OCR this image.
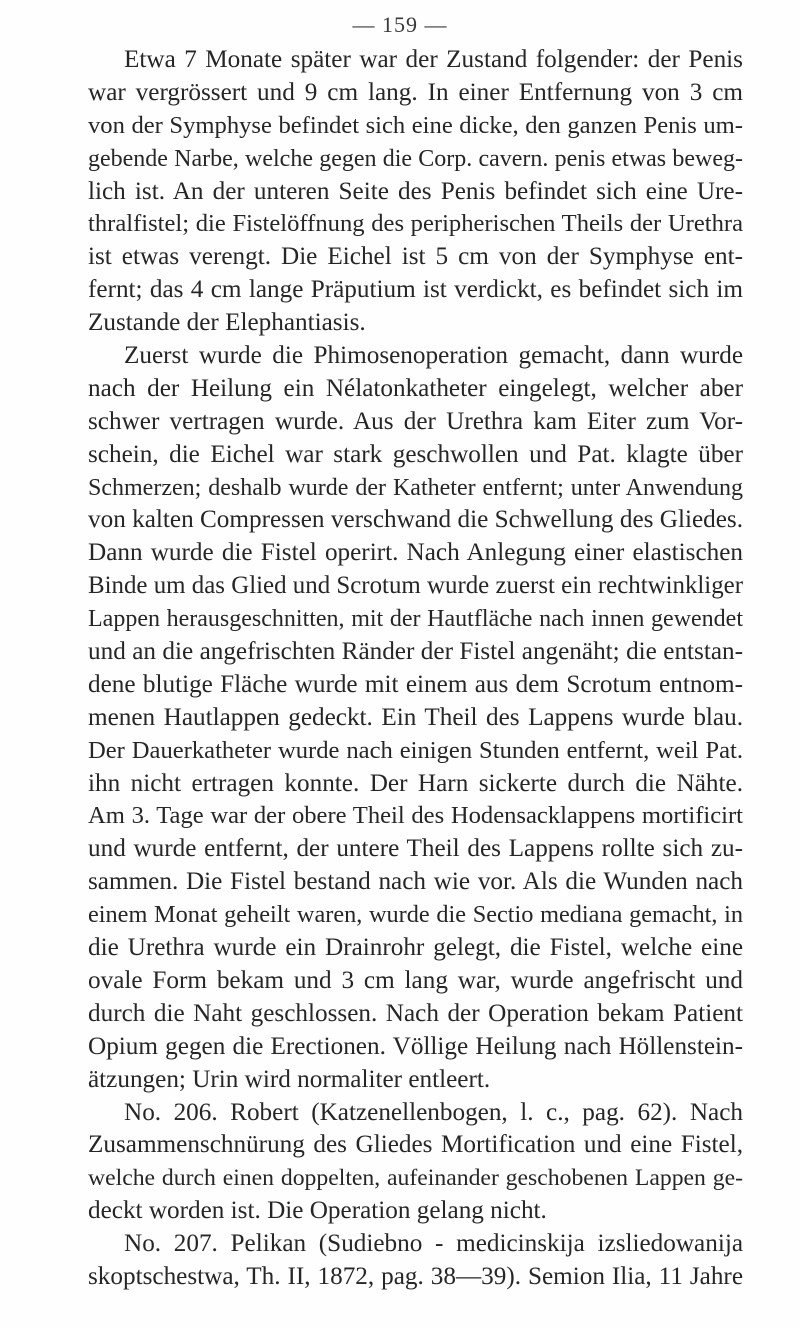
— 159 —
Etwa 7 Monate später war der Zustand folgender: der Penis
war vergrössert und 9 cm lang. In einer Entfernung von 3 cm
von der Symphyse befindet sich eine dicke, den ganzen Penis um-
gebende Narbe, welche gegen die Corp. cavern. penis etwas beweg-
lich ist. An der unteren Seite des Penis befindet sich eine Ure-
thralfistel; die Fistelöffnung des peripherischen Theils der Urethra
ist etwas verengt. Die Eichel ist 5 cm von der Symphyse ent-
fernt; das 4 cm lange Präputium ist verdickt, es befindet sich im
Zustande der Elephantiasis.
Zuerst wurde die Phimosenoperation gemacht, dann wurde
nach der Heilung ein Nélatonkatheter eingelegt, welcher aber
schwer vertragen wurde. Aus der Urethra kam Eiter zum Vor-
schein, die Eichel war stark geschwollen und Pat. klagte über
Schmerzen; deshalb wurde der Katheter entfernt; unter Anwendung
von kalten Compressen verschwand die Schwellung des Gliedes.
Dann wurde die Fistel operirt. Nach Anlegung einer elastischen
Binde um das Glied und Scrotum wurde zuerst ein rechtwinkliger
Lappen herausgeschnitten, mit der Hautfläche nach innen gewendet
und an die angefrischten Ränder der Fistel angenäht; die entstan-
dene blutige Fläche wurde mit einem aus dem Scrotum entnom-
menen Hautlappen gedeckt. Ein Theil des Lappens wurde blau.
Der Dauerkatheter wurde nach einigen Stunden entfernt, weil Pat.
ihn nicht ertragen konnte. Der Harn sickerte durch die Nähte.
Am 3. Tage war der obere Theil des Hodensacklappens mortificirt
und wurde entfernt, der untere Theil des Lappens rollte sich zu-
sammen. Die Fistel bestand nach wie vor. Als die Wunden nach
einem Monat geheilt waren, wurde die Sectio mediana gemacht, in
die Urethra wurde ein Drainrohr gelegt, die Fistel, welche eine
ovale Form bekam und 3 cm lang war, wurde angefrischt und
durch die Naht geschlossen. Nach der Operation bekam Patient
Opium gegen die Erectionen. Völlige Heilung nach Höllenstein-
ätzungen; Urin wird normaliter entleert.
No. 206. Robert (Katzenellenbogen, l. c., pag. 62). Nach
Zusammenschnürung des Gliedes Mortification und eine Fistel,
welche durch einen doppelten, aufeinander geschobenen Lappen ge-
deckt worden ist. Die Operation gelang nicht.
No. 207. Pelikan (Sudiebno - medicinskija izsliedowanija
skoptschestwa, Th. II, 1872, pag. 38—39). Semion Ilia, 11 Jahre
